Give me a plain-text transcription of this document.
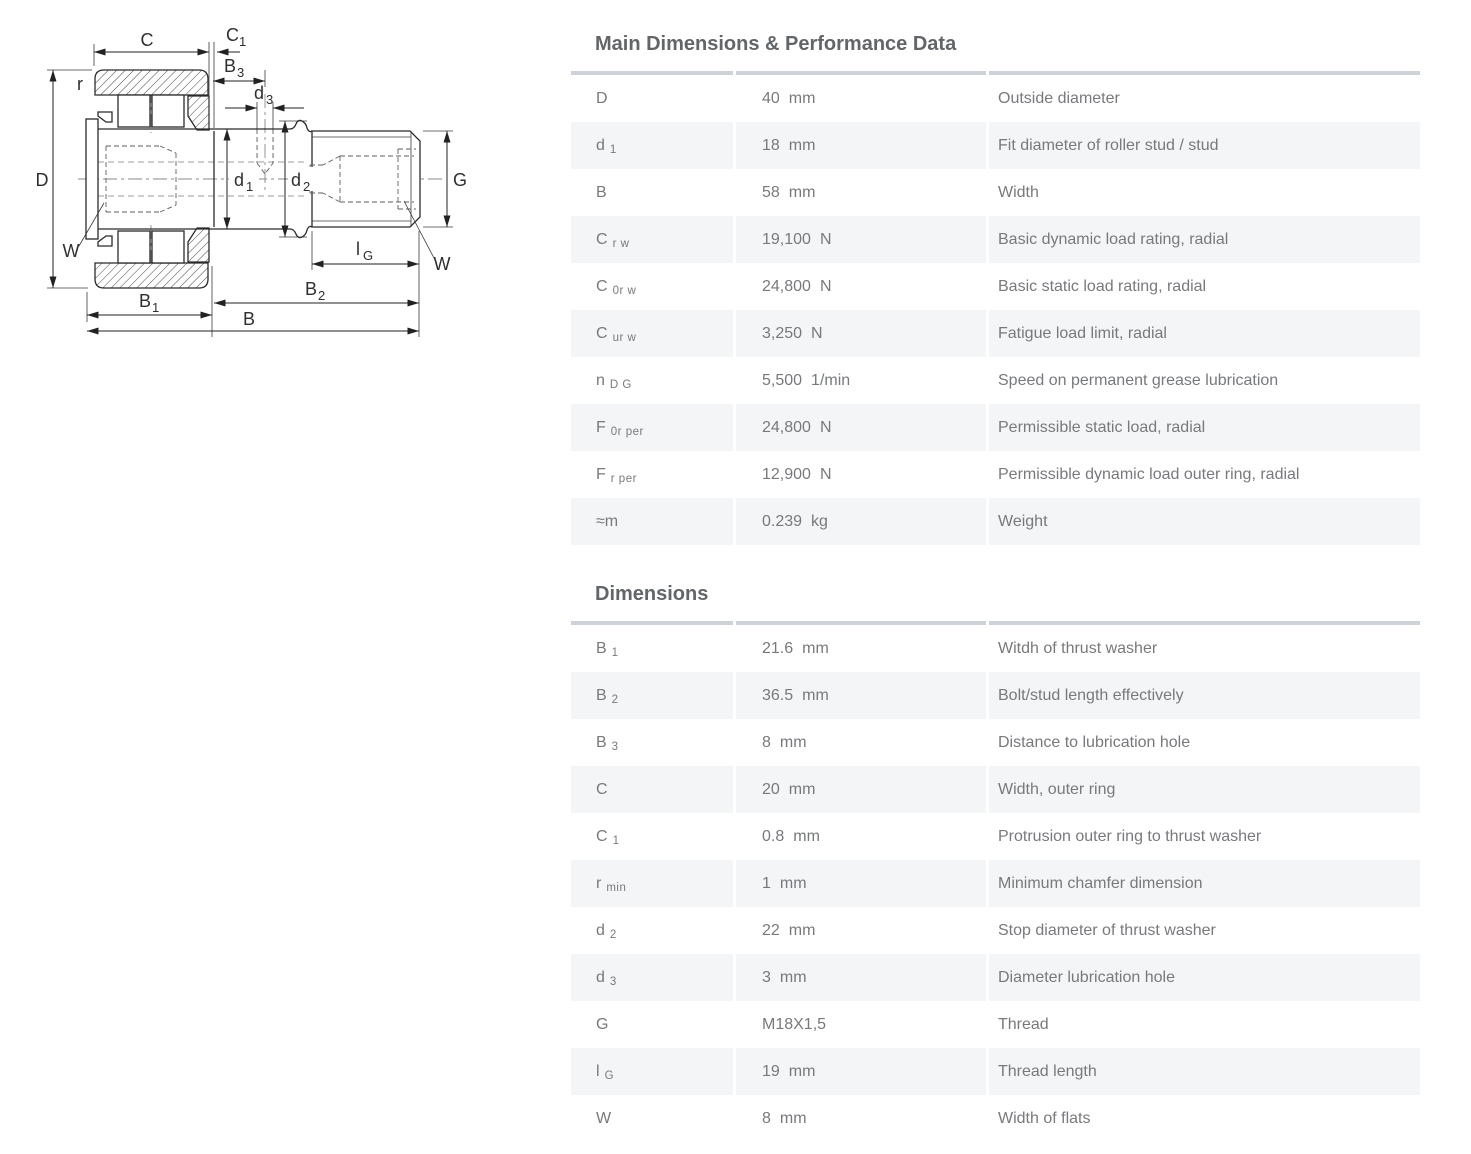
C	C 1
B 3
d 3
r
D
W
d 1 d 2	G
l G	W
B 1
B 2
B
Main Dimensions & Performance Data
D	40 mm	Outside diameter
d 1	18 mm	Fit diameter of roller stud / stud
B	58 mm	Width
C r w	19,100 N	Basic dynamic load rating, radial
C 0r w	24,800 N	Basic static load rating, radial
C ur w	3,250 N	Fatigue load limit, radial
n D G	5,500 1/min	Speed on permanent grease lubrication
F 0r per	24,800 N	Permissible static load, radial
F r per	12,900 N	Permissible dynamic load outer ring, radial
≈m	0.239 kg	Weight
Dimensions
B 1	21.6 mm	Witdh of thrust washer
B 2	36.5 mm	Bolt/stud length effectively
B 3	8 mm	Distance to lubrication hole
C	20 mm	Width, outer ring
C 1	0.8 mm	Protrusion outer ring to thrust washer
r min	1 mm	Minimum chamfer dimension
d 2	22 mm	Stop diameter of thrust washer
d 3	3 mm	Diameter lubrication hole
G	M18X1,5	Thread
l G	19 mm	Thread length
W	8 mm	Width of flats
